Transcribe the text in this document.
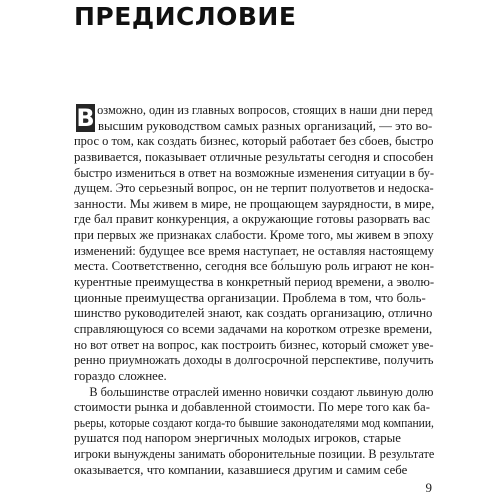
ПРЕДИСЛОВИЕ
В озможно, один из главных вопросов, стоящих в наши дни перед
высшим руководством самых разных организаций, — это во-
прос о том, как создать бизнес, который работает без сбоев, быстро
развивается, показывает отличные результаты сегодня и способен
быстро измениться в ответ на возможные изменения ситуации в бу-
дущем. Это серьезный вопрос, он не терпит полуответов и недоска-
занности. Мы живем в мире, не прощающем заурядности, в мире,
где бал правит конкуренция, а окружающие готовы разорвать вас
при первых же признаках слабости. Кроме того, мы живем в эпоху
изменений: будущее все время наступает, не оставляя настоящему
места. Соответственно, сегодня все бо́льшую роль играют не кон-
курентные преимущества в конкретный период времени, а эволю-
ционные преимущества организации. Проблема в том, что боль-
шинство руководителей знают, как создать организацию, отлично
справляющуюся со всеми задачами на коротком отрезке времени,
но вот ответ на вопрос, как построить бизнес, который сможет уве-
ренно приумножать доходы в долгосрочной перспективе, получить
гораздо сложнее.
В большинстве отраслей именно новички создают львиную долю
стоимости рынка и добавленной стоимости. По мере того как ба-
рьеры, которые создают когда-то бывшие законодателями мод компании,
рушатся под напором энергичных молодых игроков, старые
игроки вынуждены занимать оборонительные позиции. В результате
оказывается, что компании, казавшиеся другим и самим себе
9
